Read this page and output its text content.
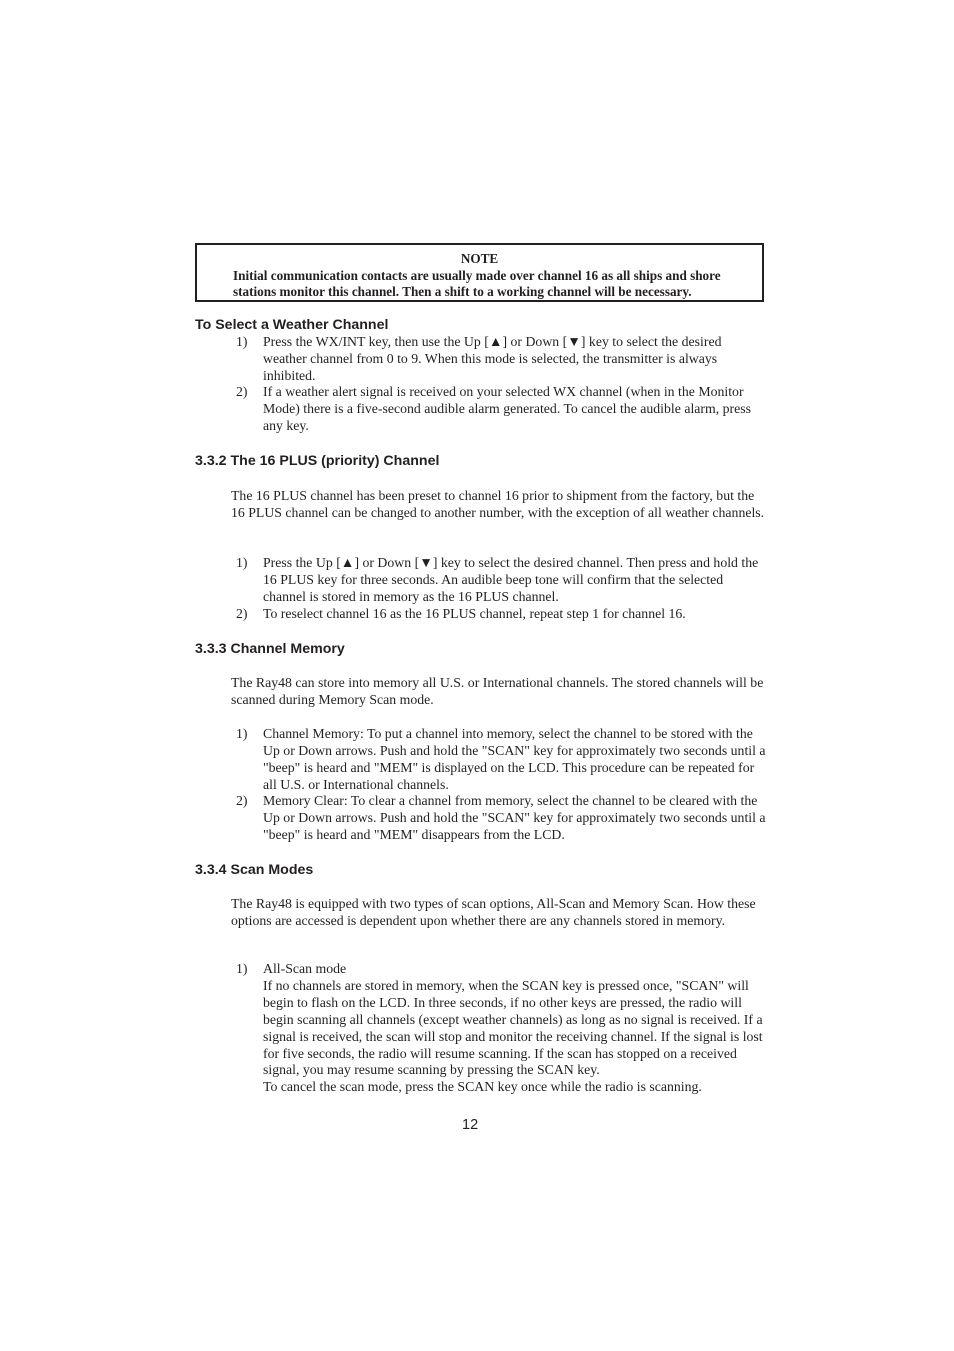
NOTE
Initial communication contacts are usually made over channel 16 as all ships and shore stations monitor this channel. Then a shift to a working channel will be necessary.
To Select a Weather Channel
1) Press the WX/INT key, then use the Up [▲] or Down [▼] key to select the desired weather channel from 0 to 9. When this mode is selected, the transmitter is always inhibited.
2) If a weather alert signal is received on your selected WX channel (when in the Monitor Mode) there is a five-second audible alarm generated. To cancel the audible alarm, press any key.
3.3.2 The 16 PLUS (priority) Channel
The 16 PLUS channel has been preset to channel 16 prior to shipment from the factory, but the 16 PLUS channel can be changed to another number, with the exception of all weather channels.
1) Press the Up [▲] or Down [▼] key to select the desired channel. Then press and hold the 16 PLUS key for three seconds. An audible beep tone will confirm that the selected channel is stored in memory as the 16 PLUS channel.
2) To reselect channel 16 as the 16 PLUS channel, repeat step 1 for channel 16.
3.3.3 Channel Memory
The Ray48 can store into memory all U.S. or International channels. The stored channels will be scanned during Memory Scan mode.
1) Channel Memory: To put a channel into memory, select the channel to be stored with the Up or Down arrows. Push and hold the "SCAN" key for approximately two seconds until a "beep" is heard and "MEM" is displayed on the LCD. This procedure can be repeated for all U.S. or International channels.
2) Memory Clear: To clear a channel from memory, select the channel to be cleared with the Up or Down arrows. Push and hold the "SCAN" key for approximately two seconds until a "beep" is heard and "MEM" disappears from the LCD.
3.3.4 Scan Modes
The Ray48 is equipped with two types of scan options, All-Scan and Memory Scan. How these options are accessed is dependent upon whether there are any channels stored in memory.
1) All-Scan mode
If no channels are stored in memory, when the SCAN key is pressed once, "SCAN" will begin to flash on the LCD. In three seconds, if no other keys are pressed, the radio will begin scanning all channels (except weather channels) as long as no signal is received. If a signal is received, the scan will stop and monitor the receiving channel. If the signal is lost for five seconds, the radio will resume scanning. If the scan has stopped on a received signal, you may resume scanning by pressing the SCAN key.
To cancel the scan mode, press the SCAN key once while the radio is scanning.
12
